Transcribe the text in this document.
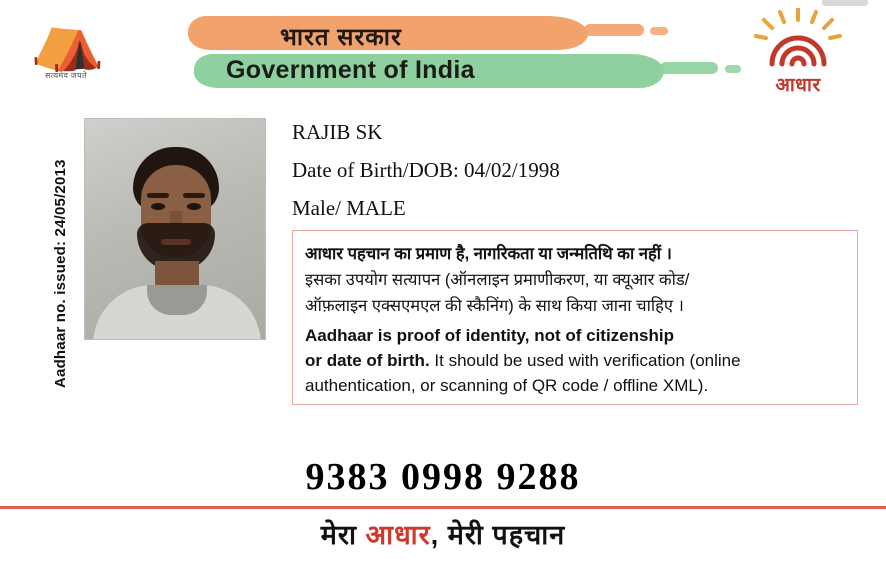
⛺
सत्यमेव जयते
भारत सरकार
Government of India
आधार
Aadhaar no. issued: 24/05/2013
RAJIB SK
Date of Birth/DOB: 04/02/1998
Male/ MALE
आधार पहचान का प्रमाण है, नागरिकता या जन्मतिथि का नहीं ।
इसका उपयोग सत्यापन (ऑनलाइन प्रमाणीकरण, या क्यूआर कोड/
ऑफ़लाइन एक्सएमएल की स्कैनिंग) के साथ किया जाना चाहिए ।
Aadhaar is proof of identity, not of citizenship
or date of birth. It should be used with verification (online
authentication, or scanning of QR code / offline XML).
9383 0998 9288
मेरा आधार, मेरी पहचान
